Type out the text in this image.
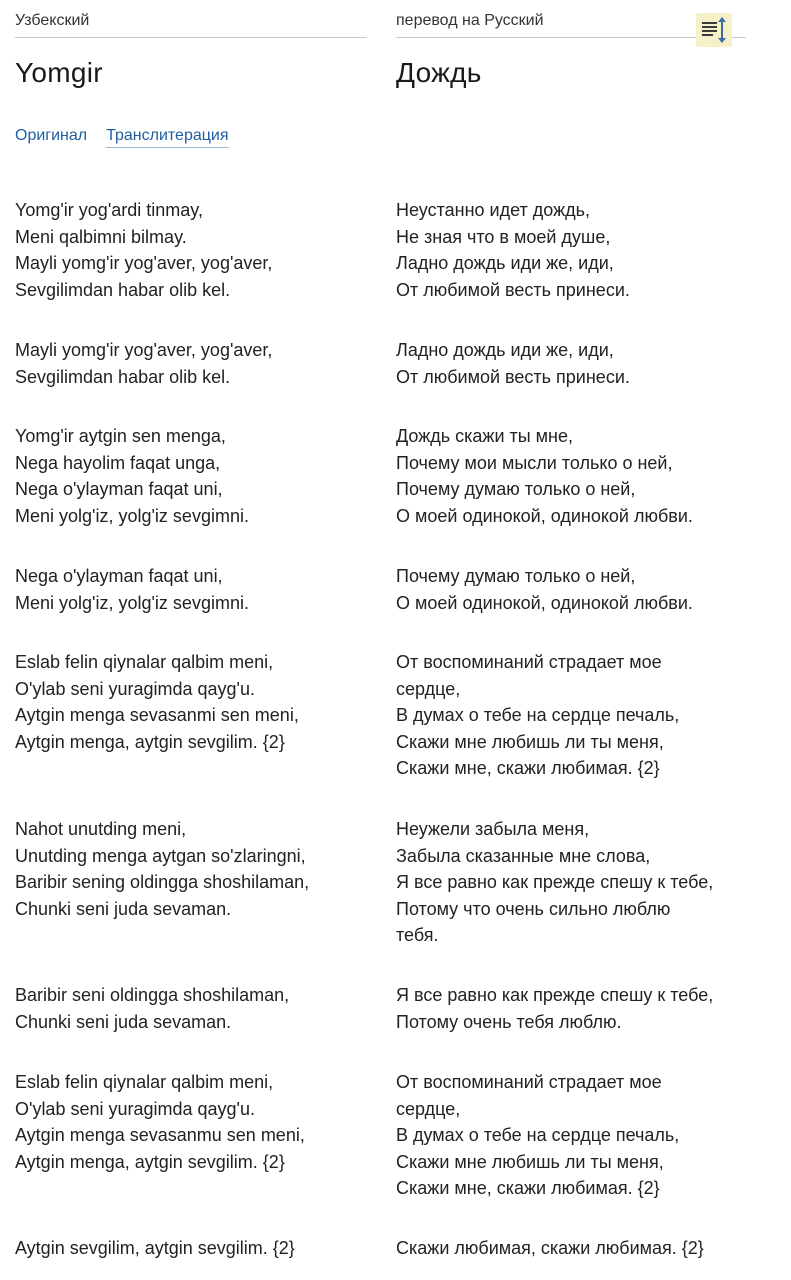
Узбекский
Yomgir
Оригинал Транслитерация
Yomg'ir yog'ardi tinmay,
Meni qalbimni bilmay.
Mayli yomg'ir yog'aver, yog'aver,
Sevgilimdan habar olib kel.
Mayli yomg'ir yog'aver, yog'aver,
Sevgilimdan habar olib kel.
Yomg'ir aytgin sen menga,
Nega hayolim faqat unga,
Nega o'ylayman faqat uni,
Meni yolg'iz, yolg'iz sevgimni.
Nega o'ylayman faqat uni,
Meni yolg'iz, yolg'iz sevgimni.
Eslab felin qiynalar qalbim meni,
O'ylab seni yuragimda qayg'u.
Aytgin menga sevasanmi sen meni,
Aytgin menga, aytgin sevgilim. {2}
Nahot unutding meni,
Unutding menga aytgan so'zlaringni,
Baribir sening oldingga shoshilaman,
Chunki seni juda sevaman.
Baribir seni oldingga shoshilaman,
Chunki seni juda sevaman.
Eslab felin qiynalar qalbim meni,
O'ylab seni yuragimda qayg'u.
Aytgin menga sevasanmu sen meni,
Aytgin menga, aytgin sevgilim. {2}
Aytgin sevgilim, aytgin sevgilim. {2}
перевод на Русский
Дождь
Неустанно идет дождь,
Не зная что в моей душе,
Ладно дождь иди же, иди,
От любимой весть принеси.
Ладно дождь иди же, иди,
От любимой весть принеси.
Дождь скажи ты мне,
Почему мои мысли только о ней,
Почему думаю только о ней,
О моей одинокой, одинокой любви.
Почему думаю только о ней,
О моей одинокой, одинокой любви.
От воспоминаний страдает мое
сердце,
В думах о тебе на сердце печаль,
Скажи мне любишь ли ты меня,
Скажи мне, скажи любимая. {2}
Неужели забыла меня,
Забыла сказанные мне слова,
Я все равно как прежде спешу к тебе,
Потому что очень сильно люблю
тебя.
Я все равно как прежде спешу к тебе,
Потому очень тебя люблю.
От воспоминаний страдает мое
сердце,
В думах о тебе на сердце печаль,
Скажи мне любишь ли ты меня,
Скажи мне, скажи любимая. {2}
Скажи любимая, скажи любимая. {2}
